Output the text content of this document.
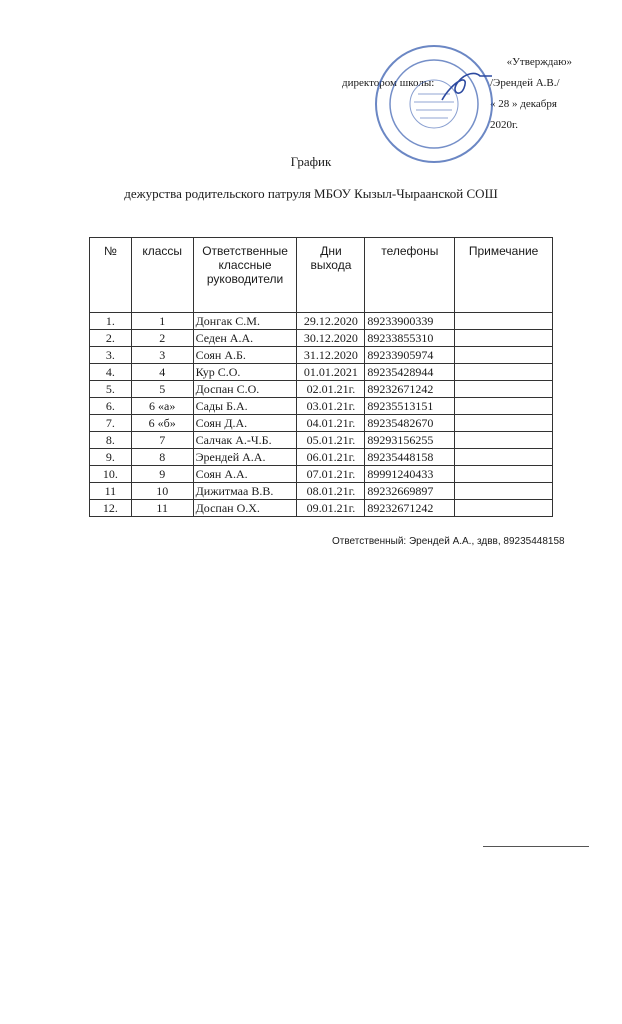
«Утверждаю»
директором школы:	/Эрендей А.В./
« 28 » декабря 2020г.
График
дежурства родительского патруля МБОУ Кызыл-Чыраанской СОШ
№	классы	Ответственные классные руководители	Дни выхода	телефоны	Примечание
1.	1	Донгак С.М.	29.12.2020	89233900339	
2.	2	Седен А.А.	30.12.2020	89233855310	
3.	3	Соян А.Б.	31.12.2020	89233905974	
4.	4	Кур С.О.	01.01.2021	89235428944	
5.	5	Доспан С.О.	02.01.21г.	89232671242	
6.	6 «а»	Сады Б.А.	03.01.21г.	89235513151	
7.	6 «б»	Соян Д.А.	04.01.21г.	89235482670	
8.	7	Салчак А.-Ч.Б.	05.01.21г.	89293156255	
9.	8	Эрендей А.А.	06.01.21г.	89235448158	
10.	9	Соян А.А.	07.01.21г.	89991240433	
11	10	Дижитмаа В.В.	08.01.21г.	89232669897	
12.	11	Доспан О.Х.	09.01.21г.	89232671242	
Ответственный: Эрендей А.А., здвв, 89235448158
